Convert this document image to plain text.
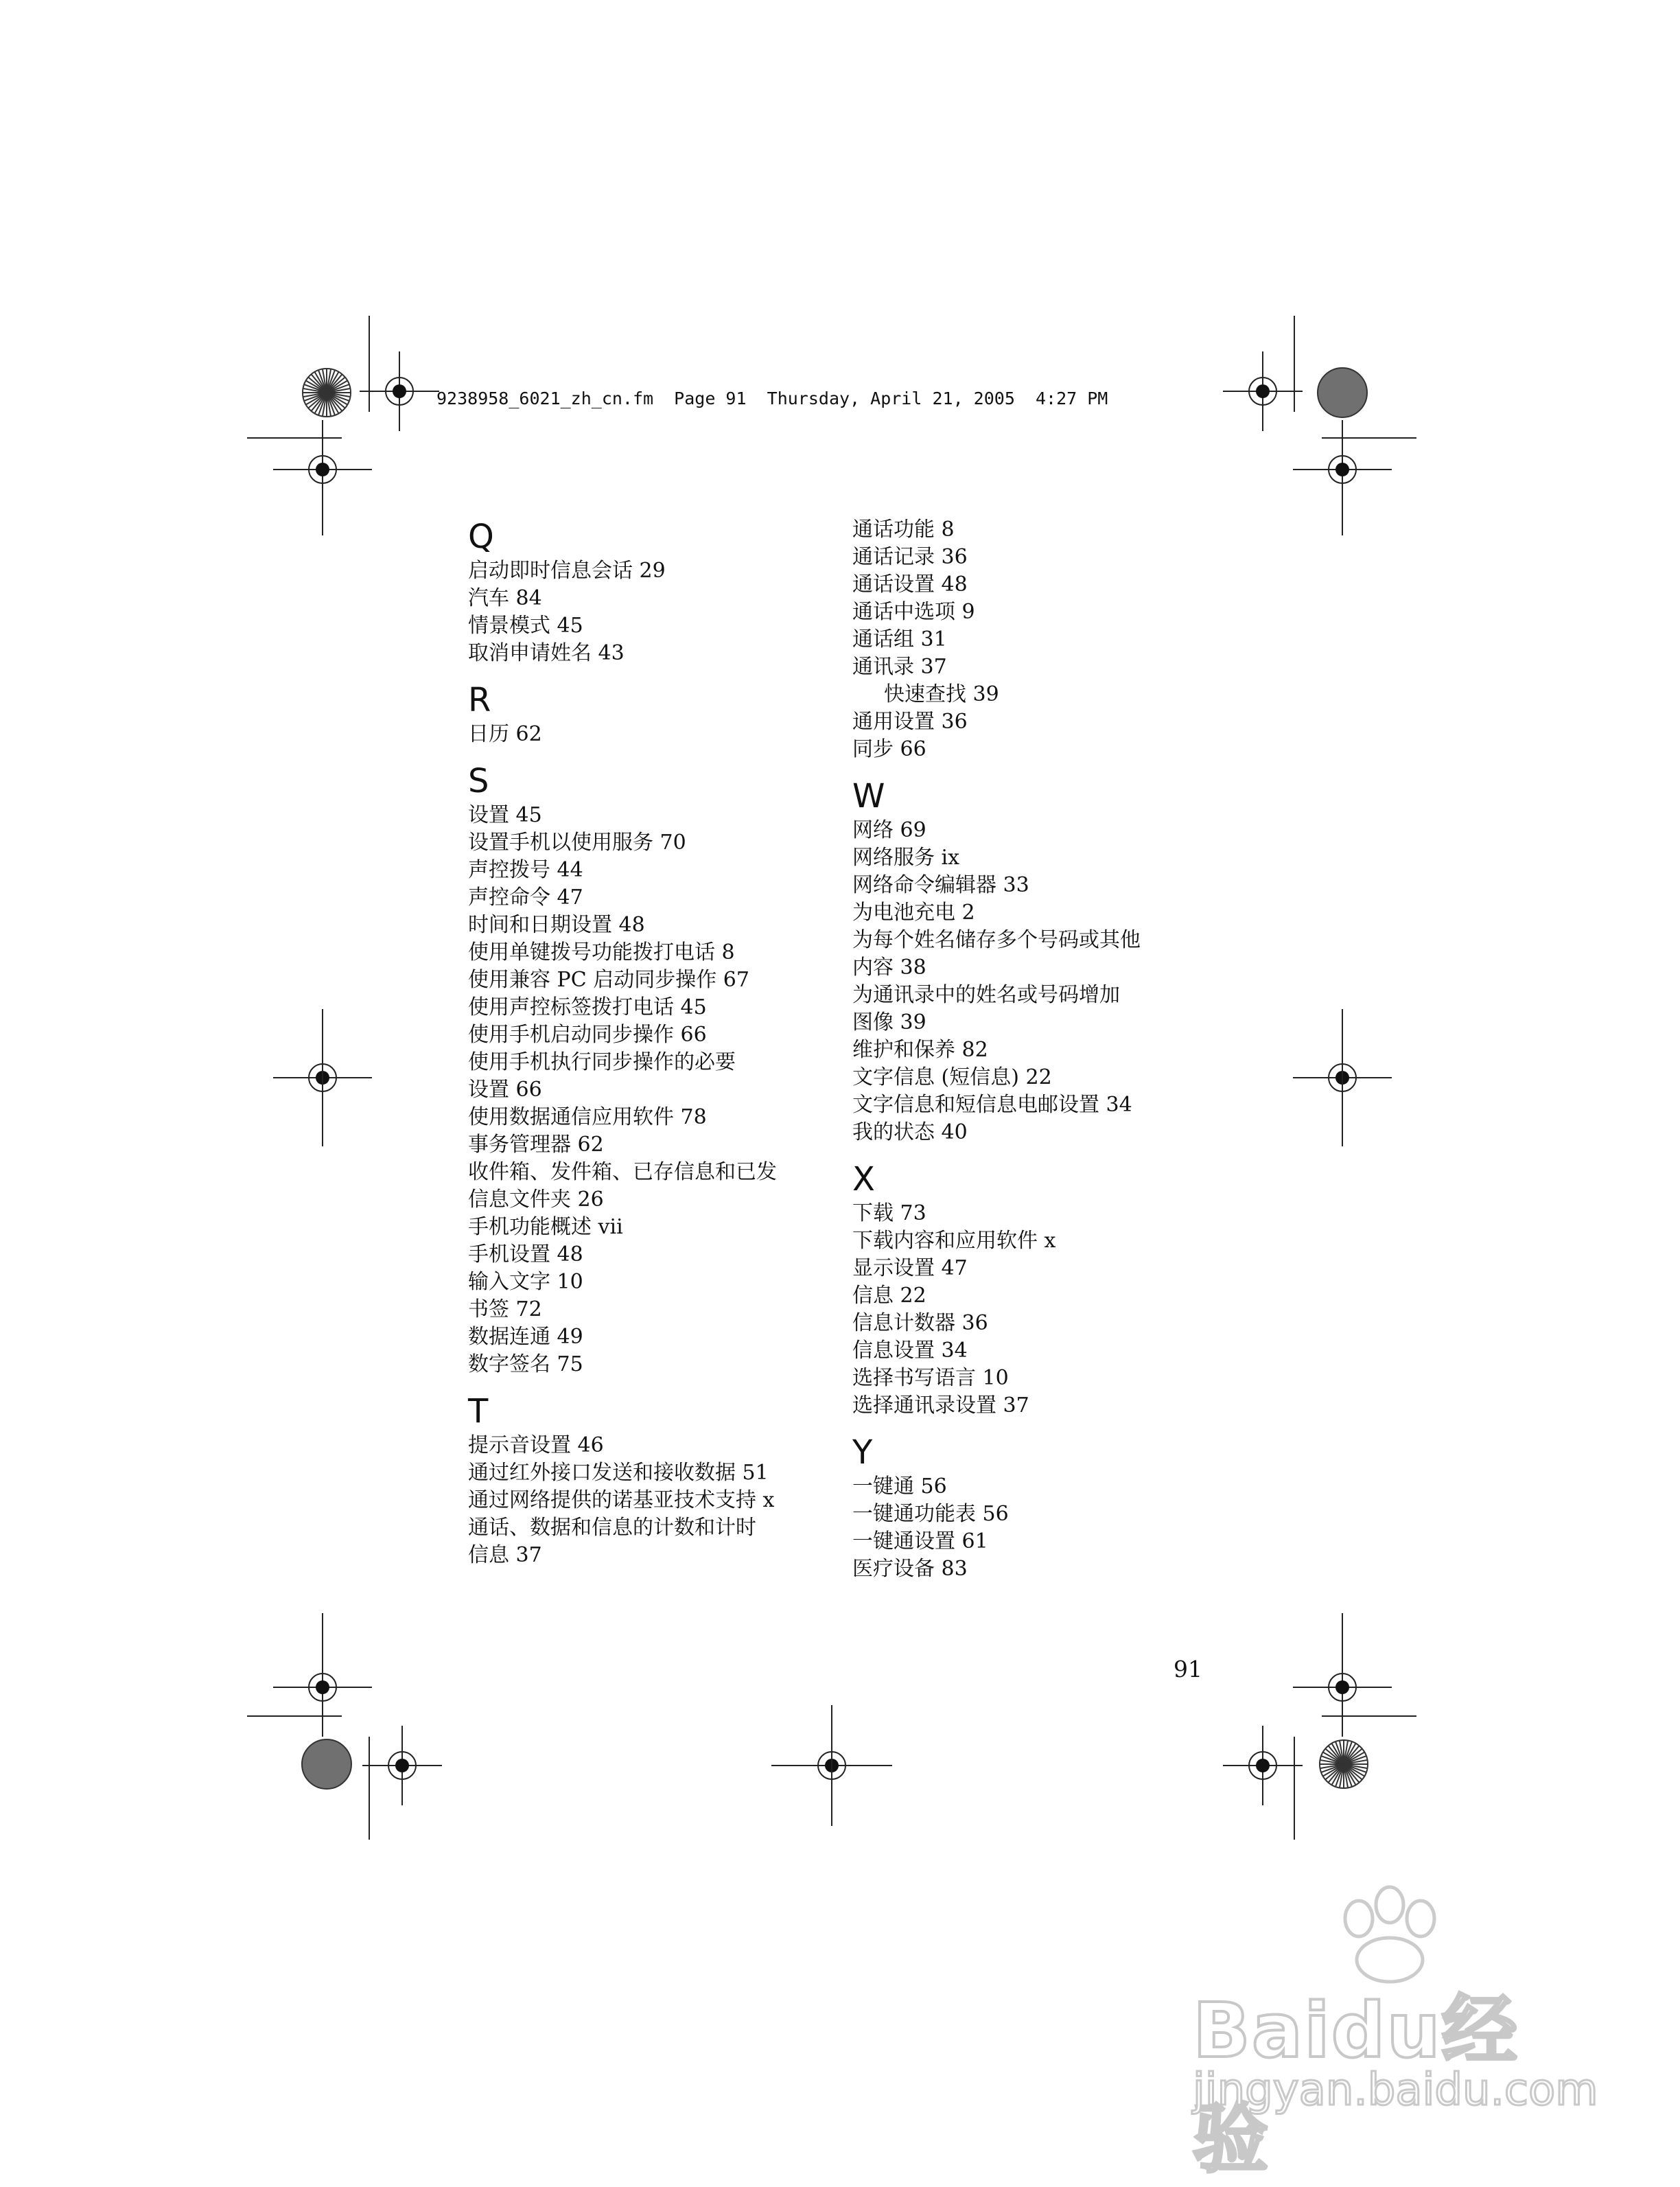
9238958_6021_zh_cn.fm  Page 91  Thursday, April 21, 2005  4:27 PM
Q
启动即时信息会话 29
汽车 84
情景模式 45
取消申请姓名 43
R
日历 62
S
设置 45
设置手机以使用服务 70
声控拨号 44
声控命令 47
时间和日期设置 48
使用单键拨号功能拨打电话 8
使用兼容 PC 启动同步操作 67
使用声控标签拨打电话 45
使用手机启动同步操作 66
使用手机执行同步操作的必要
设置 66
使用数据通信应用软件 78
事务管理器 62
收件箱、发件箱、已存信息和已发
信息文件夹 26
手机功能概述 vii
手机设置 48
输入文字 10
书签 72
数据连通 49
数字签名 75
T
提示音设置 46
通过红外接口发送和接收数据 51
通过网络提供的诺基亚技术支持 x
通话、数据和信息的计数和计时
信息 37
通话功能 8
通话记录 36
通话设置 48
通话中选项 9
通话组 31
通讯录 37
快速查找 39
通用设置 36
同步 66
W
网络 69
网络服务 ix
网络命令编辑器 33
为电池充电 2
为每个姓名储存多个号码或其他
内容 38
为通讯录中的姓名或号码增加
图像 39
维护和保养 82
文字信息 (短信息) 22
文字信息和短信息电邮设置 34
我的状态 40
X
下载 73
下载内容和应用软件 x
显示设置 47
信息 22
信息计数器 36
信息设置 34
选择书写语言 10
选择通讯录设置 37
Y
一键通 56
一键通功能表 56
一键通设置 61
医疗设备 83
91
Baidu经验
jingyan.baidu.com
